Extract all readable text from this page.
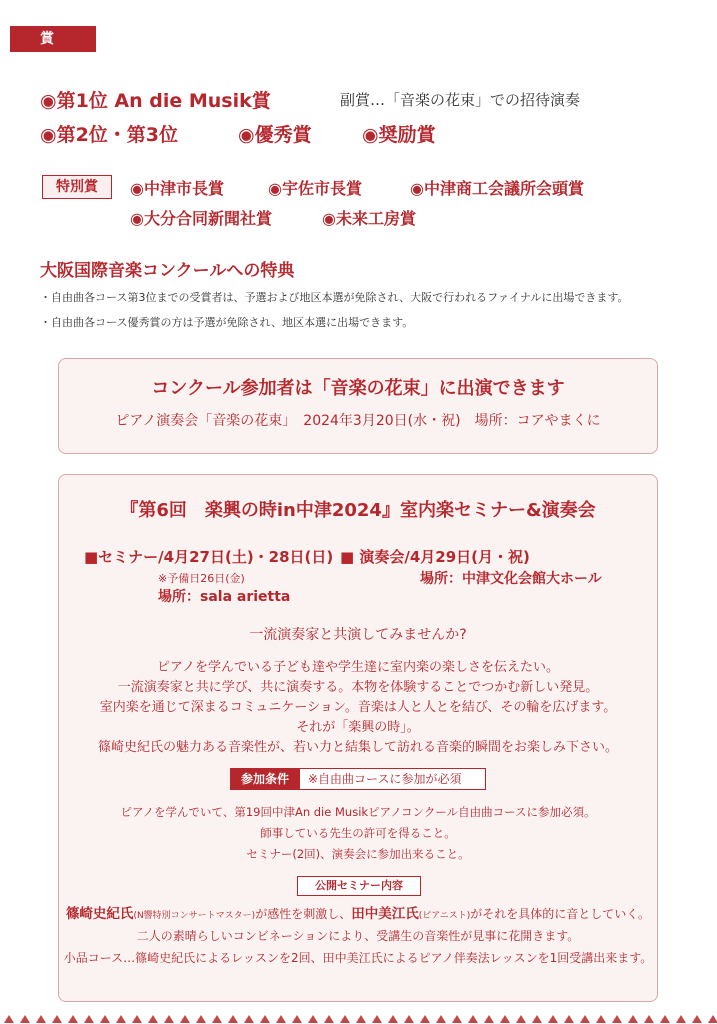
賞
◉第1位 An die Musik賞	副賞…「音楽の花束」での招待演奏
◉第2位・第3位	◉優秀賞	◉奨励賞
特別賞	◉中津市長賞	◉宇佐市長賞	◉中津商工会議所会頭賞
◉大分合同新聞社賞	◉未来工房賞
大阪国際音楽コンクールへの特典
・自由曲各コース第3位までの受賞者は、予選および地区本選が免除され、大阪で行われるファイナルに出場できます。
・自由曲各コース優秀賞の方は予選が免除され、地区本選に出場できます。
コンクール参加者は「音楽の花束」に出演できます
ピアノ演奏会「音楽の花束」　2024年3月20日(水・祝)　場所：コアやまくに
『第6回　楽興の時in中津2024』室内楽セミナー&演奏会
■セミナー/4月27日(土)・28日(日)
※予備日26日(金)
場所：sala arietta
■ 演奏会/4月29日(月・祝)
場所：中津文化会館大ホール
一流演奏家と共演してみませんか?
ピアノを学んでいる子ども達や学生達に室内楽の楽しさを伝えたい。
一流演奏家と共に学び、共に演奏する。本物を体験することでつかむ新しい発見。
室内楽を通じて深まるコミュニケーション。音楽は人と人とを結び、その輪を広げます。
それが「楽興の時」。
篠崎史紀氏の魅力ある音楽性が、若い力と結集して訪れる音楽的瞬間をお楽しみ下さい。
参加条件	※自由曲コースに参加が必須
ピアノを学んでいて、第19回中津An die Musikピアノコンクール自由曲コースに参加必須。
師事している先生の許可を得ること。
セミナー(2回)、演奏会に参加出来ること。
公開セミナー内容
篠崎史紀氏(N響特別コンサートマスター)が感性を刺激し、田中美江氏(ピアニスト)がそれを具体的に音としていく。
二人の素晴らしいコンビネーションにより、受講生の音楽性が見事に花開きます。
小品コース…篠崎史紀氏によるレッスンを2回、田中美江氏によるピアノ伴奏法レッスンを1回受講出来ます。
